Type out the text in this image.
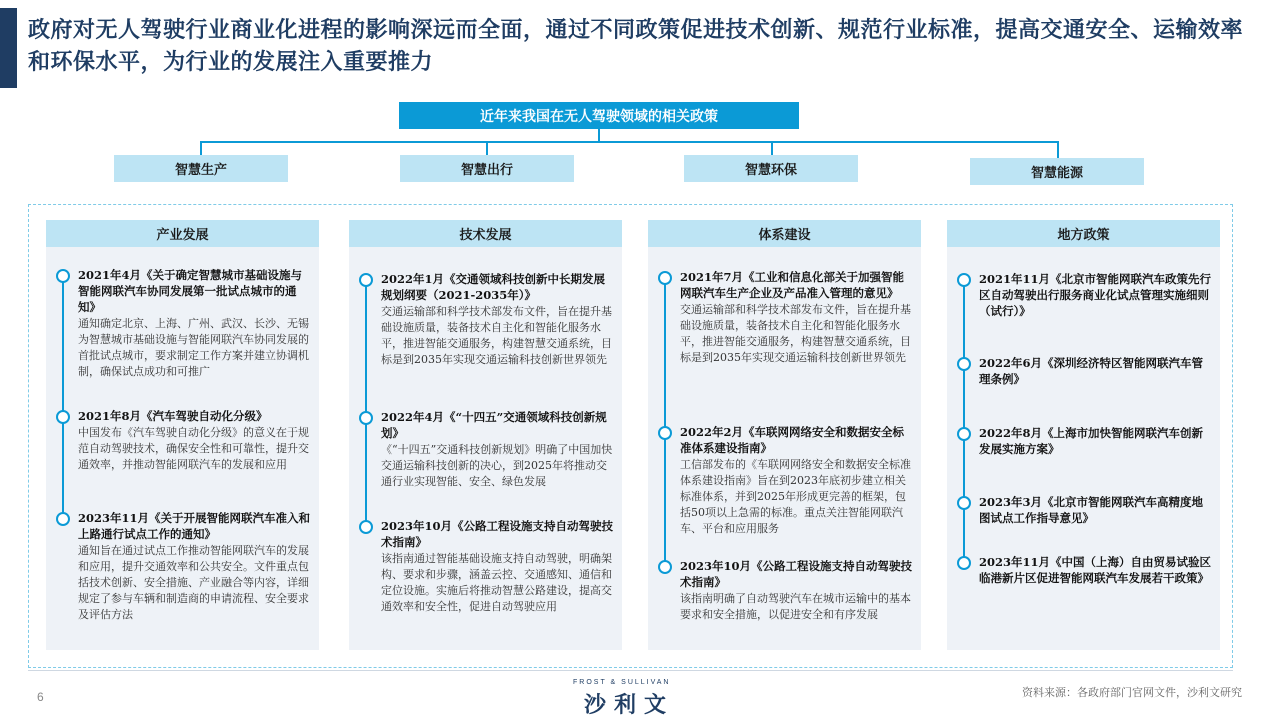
政府对无人驾驶行业商业化进程的影响深远而全面，通过不同政策促进技术创新、规范行业标准，提高交通安全、运输效率和环保水平，为行业的发展注入重要推力
近年来我国在无人驾驶领域的相关政策
智慧生产	智慧出行	智慧环保	智慧能源
产业发展
2021年4月《关于确定智慧城市基础设施与智能网联汽车协同发展第一批试点城市的通知》
通知确定北京、上海、广州、武汉、长沙、无锡为智慧城市基础设施与智能网联汽车协同发展的首批试点城市，要求制定工作方案并建立协调机制，确保试点成功和可推广
2021年8月《汽车驾驶自动化分级》
中国发布《汽车驾驶自动化分级》的意义在于规范自动驾驶技术，确保安全性和可靠性，提升交通效率，并推动智能网联汽车的发展和应用
2023年11月《关于开展智能网联汽车准入和上路通行试点工作的通知》
通知旨在通过试点工作推动智能网联汽车的发展和应用，提升交通效率和公共安全。文件重点包括技术创新、安全措施、产业融合等内容，详细规定了参与车辆和制造商的申请流程、安全要求及评估方法
技术发展
2022年1月《交通领域科技创新中长期发展规划纲要（2021-2035年）》
交通运输部和科学技术部发布文件，旨在提升基础设施质量，装备技术自主化和智能化服务水平，推进智能交通服务，构建智慧交通系统，目标是到2035年实现交通运输科技创新世界领先
2022年4月《“十四五”交通领域科技创新规划》
《“十四五”交通科技创新规划》明确了中国加快交通运输科技创新的决心，到2025年将推动交通行业实现智能、安全、绿色发展
2023年10月《公路工程设施支持自动驾驶技术指南》
该指南通过智能基础设施支持自动驾驶，明确架构、要求和步骤，涵盖云控、交通感知、通信和定位设施。实施后将推动智慧公路建设，提高交通效率和安全性，促进自动驾驶应用
体系建设
2021年7月《工业和信息化部关于加强智能网联汽车生产企业及产品准入管理的意见》
交通运输部和科学技术部发布文件，旨在提升基础设施质量，装备技术自主化和智能化服务水平，推进智能交通服务，构建智慧交通系统，目标是到2035年实现交通运输科技创新世界领先
2022年2月《车联网网络安全和数据安全标准体系建设指南》
工信部发布的《车联网网络安全和数据安全标准体系建设指南》旨在到2023年底初步建立相关标准体系，并到2025年形成更完善的框架，包括50项以上急需的标准。重点关注智能网联汽车、平台和应用服务
2023年10月《公路工程设施支持自动驾驶技术指南》
该指南明确了自动驾驶汽车在城市运输中的基本要求和安全措施，以促进安全和有序发展
地方政策
2021年11月《北京市智能网联汽车政策先行区自动驾驶出行服务商业化试点管理实施细则（试行）》
2022年6月《深圳经济特区智能网联汽车管理条例》
2022年8月《上海市加快智能网联汽车创新发展实施方案》
2023年3月《北京市智能网联汽车高精度地图试点工作指导意见》
2023年11月《中国（上海）自由贸易试验区临港新片区促进智能网联汽车发展若干政策》
6
FROST & SULLIVAN
沙利文	资料来源：各政府部门官网文件，沙利文研究
